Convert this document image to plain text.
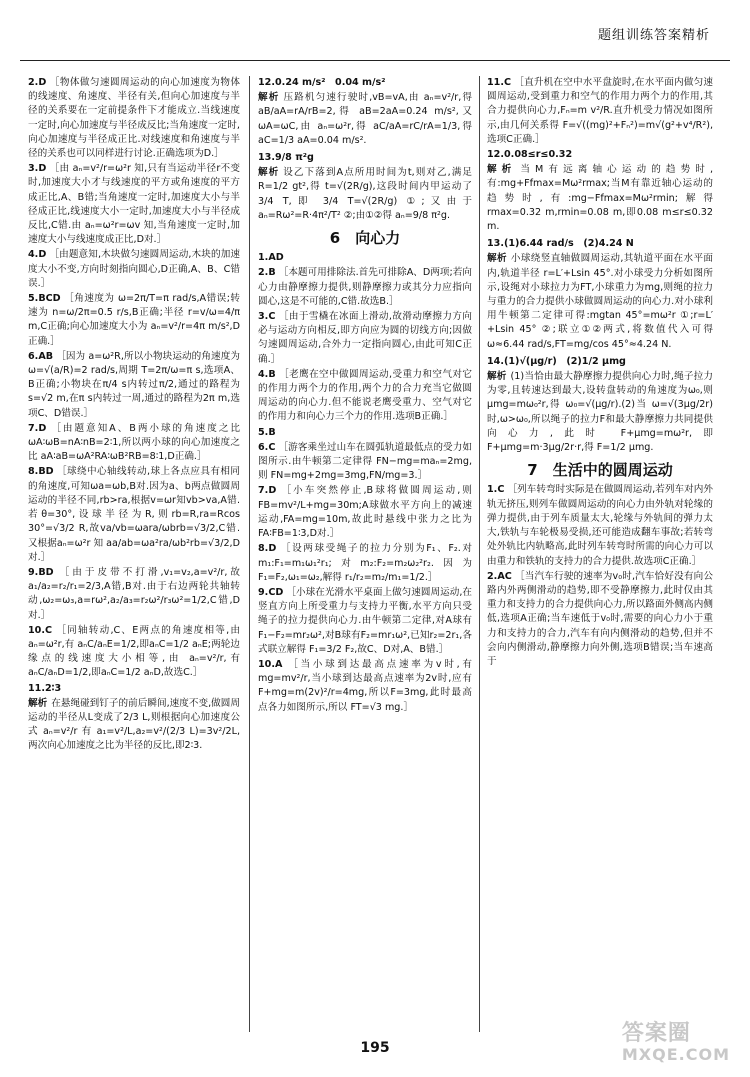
题组训练答案精析
2.D ［物体做匀速圆周运动的向心加速度为物体的线速度、角速度、半径有关,但向心加速度与半径的关系要在一定前提条件下才能成立.当线速度一定时,向心加速度与半径成反比;当角速度一定时,向心加速度与半径成正比.对线速度和角速度与半径的关系也可以同样进行讨论.正确选项为D.］
3.D ［由 aₙ=v²/r=ω²r 知,只有当运动半径r不变时,加速度大小才与线速度的平方或角速度的平方成正比,A、B错;当角速度一定时,加速度大小与半径成正比,线速度大小一定时,加速度大小与半径成反比,C错.由 aₙ=ω²r=ωv 知,当角速度一定时,加速度大小与线速度成正比,D对.］
4.D ［由题意知,木块做匀速圆周运动,木块的加速度大小不变,方向时刻指向圆心,D正确,A、B、C错误.］
5.BCD ［角速度为 ω=2π/T=π rad/s,A错误;转速为 n=ω/2π=0.5 r/s,B正确;半径 r=v/ω=4/π m,C正确;向心加速度大小为 aₙ=v²/r=4π m/s²,D正确.］
6.AB ［因为 a=ω²R,所以小物块运动的角速度为 ω=√(a/R)=2 rad/s,周期 T=2π/ω=π s,选项A、B正确;小物块在π/4 s内转过π/2,通过的路程为 s=√2 m,在π s内转过一周,通过的路程为2π m,选项C、D错误.］
7.D ［由题意知A、B两小球的角速度之比 ωA∶ωB=nA∶nB=2∶1,所以两小球的向心加速度之比 aA∶aB=ωA²RA∶ωB²RB=8∶1,D正确.］
8.BD ［球绕中心轴线转动,球上各点应具有相同的角速度,可知ωa=ωb,B对.因为a、b两点做圆周运动的半径不同,rb>ra,根据v=ωr知vb>va,A错.若θ=30°,设球半径为R,则rb=R,ra=Rcos 30°=√3/2 R,故va/vb=ωara/ωbrb=√3/2,C错.又根据aₙ=ω²r 知 aa/ab=ωa²ra/ωb²rb=√3/2,D对.］
9.BD ［由于皮带不打滑,v₁=v₂,a=v²/r,故a₁/a₂=r₂/r₁=2/3,A错,B对.由于右边两轮共轴转动,ω₂=ω₃,a=rω²,a₂/a₃=r₂ω²/r₃ω²=1/2,C错,D对.］
10.C ［同轴转动,C、E两点的角速度相等,由 aₙ=ω²r,有 aₙC/aₙE=1/2,即aₙC=1/2 aₙE;两轮边缘点的线速度大小相等,由 aₙ=v²/r,有 aₙC/aₙD=1/2,即aₙC=1/2 aₙD,故选C.］
11.2∶3
解析 在悬绳碰到钉子的前后瞬间,速度不变,做圆周运动的半径从L变成了2/3 L,则根据向心加速度公式 aₙ=v²/r 有 a₁=v²/L,a₂=v²/(2/3 L)=3v²/2L,两次向心加速度之比为半径的反比,即2∶3.
12.0.24 m/s²　0.04 m/s²
解析 压路机匀速行驶时,vB=vA,由 aₙ=v²/r,得 aB/aA=rA/rB=2,得 aB=2aA=0.24 m/s²,又 ωA=ωC,由 aₙ=ω²r,得 aC/aA=rC/rA=1/3,得 aC=1/3 aA=0.04 m/s².
13.9/8 π²g
解析 设乙下落到A点所用时间为t,则对乙,满足 R=1/2 gt²,得 t=√(2R/g),这段时间内甲运动了3/4 T,即 3/4 T=√(2R/g) ①;又由于 aₙ=Rω²=R·4π²/T² ②;由①②得 aₙ=9/8 π²g.
6　向心力
1.AD
2.B ［本题可用排除法.首先可排除A、D两项;若向心力由静摩擦力提供,则静摩擦力或其分力应指向圆心,这是不可能的,C错.故选B.］
3.C ［由于雪橇在冰面上滑动,故滑动摩擦力方向必与运动方向相反,即方向应为圆的切线方向;因做匀速圆周运动,合外力一定指向圆心,由此可知C正确.］
4.B ［老鹰在空中做圆周运动,受重力和空气对它的作用力两个力的作用,两个力的合力充当它做圆周运动的向心力.但不能说老鹰受重力、空气对它的作用力和向心力三个力的作用.选项B正确.］
5.B
6.C ［游客乘坐过山车在圆弧轨道最低点的受力如图所示.由牛顿第二定律得 FN−mg=maₙ=2mg,则 FN=mg+2mg=3mg,FN/mg=3.］
7.D ［小车突然停止,B球将做圆周运动,则FB=mv²/L+mg=30m;A球做水平方向上的减速运动,FA=mg=10m,故此时悬线中张力之比为FA∶FB=1∶3,D对.］
8.D ［设两球受绳子的拉力分别为F₁、F₂.对m₁:F₁=m₁ω₁²r₁;对m₂:F₂=m₂ω₂²r₂.因为F₁=F₂,ω₁=ω₂,解得 r₁/r₂=m₂/m₁=1/2.］
9.CD ［小球在光滑水平桌面上做匀速圆周运动,在竖直方向上所受重力与支持力平衡,水平方向只受绳子的拉力提供向心力.由牛顿第二定律,对A球有F₁−F₂=mr₂ω²,对B球有F₂=mr₁ω²,已知r₂=2r₁,各式联立解得 F₁=3/2 F₂,故C、D对,A、B错.］
10.A ［当小球到达最高点速率为v时,有 mg=mv²/r,当小球到达最高点速率为2v时,应有 F+mg=m(2v)²/r=4mg,所以F=3mg,此时最高点各力如图所示,所以 FT=√3 mg.］
11.C ［直升机在空中水平盘旋时,在水平面内做匀速圆周运动,受到重力和空气的作用力两个力的作用,其合力提供向心力,Fₙ=m v²/R.直升机受力情况如图所示,由几何关系得 F=√((mg)²+Fₙ²)=m√(g²+v⁴/R²),选项C正确.］
12.0.08≤r≤0.32
解析 当M有远离轴心运动的趋势时,有:mg+Ffmax=Mω²rmax;当M有靠近轴心运动的趋势时,有:mg−Ffmax=Mω²rmin;解得 rmax=0.32 m,rmin=0.08 m,即0.08 m≤r≤0.32 m.
13.(1)6.44 rad/s　(2)4.24 N
解析 小球绕竖直轴做圆周运动,其轨道平面在水平面内,轨道半径 r=L′+Lsin 45°.对小球受力分析如图所示,设绳对小球拉力为FT,小球重力为mg,则绳的拉力与重力的合力提供小球做圆周运动的向心力.对小球利用牛顿第二定律可得:mgtan 45°=mω²r ①;r=L′+Lsin 45° ②;联立①②两式,将数值代入可得 ω≈6.44 rad/s,FT=mg/cos 45°≈4.24 N.
14.(1)√(μg/r)　(2)1/2 μmg
解析 (1)当恰由最大静摩擦力提供向心力时,绳子拉力为零,且转速达到最大,设转盘转动的角速度为ω₀,则 μmg=mω₀²r,得 ω₀=√(μg/r).(2)当 ω=√(3μg/2r) 时,ω>ω₀,所以绳子的拉力F和最大静摩擦力共同提供向心力,此时 F+μmg=mω²r,即 F+μmg=m·3μg/2r·r,得 F=1/2 μmg.
7　生活中的圆周运动
1.C ［列车转弯时实际是在做圆周运动,若列车对内外轨无挤压,则列车做圆周运动的向心力由外轨对轮缘的弹力提供,由于列车质量太大,轮缘与外轨间的弹力太大,铁轨与车轮极易受损,还可能造成翻车事故;若转弯处外轨比内轨略高,此时列车转弯时所需的向心力可以由重力和铁轨的支持力的合力提供.故选项C正确.］
2.AC ［当汽车行驶的速率为v₀时,汽车恰好没有向公路内外两侧滑动的趋势,即不受静摩擦力,此时仅由其重力和支持力的合力提供向心力,所以路面外侧高内侧低,选项A正确;当车速低于v₀时,需要的向心力小于重力和支持力的合力,汽车有向内侧滑动的趋势,但并不会向内侧滑动,静摩擦力向外侧,选项B错误;当车速高于
195
答案圈
MXQE.COM
